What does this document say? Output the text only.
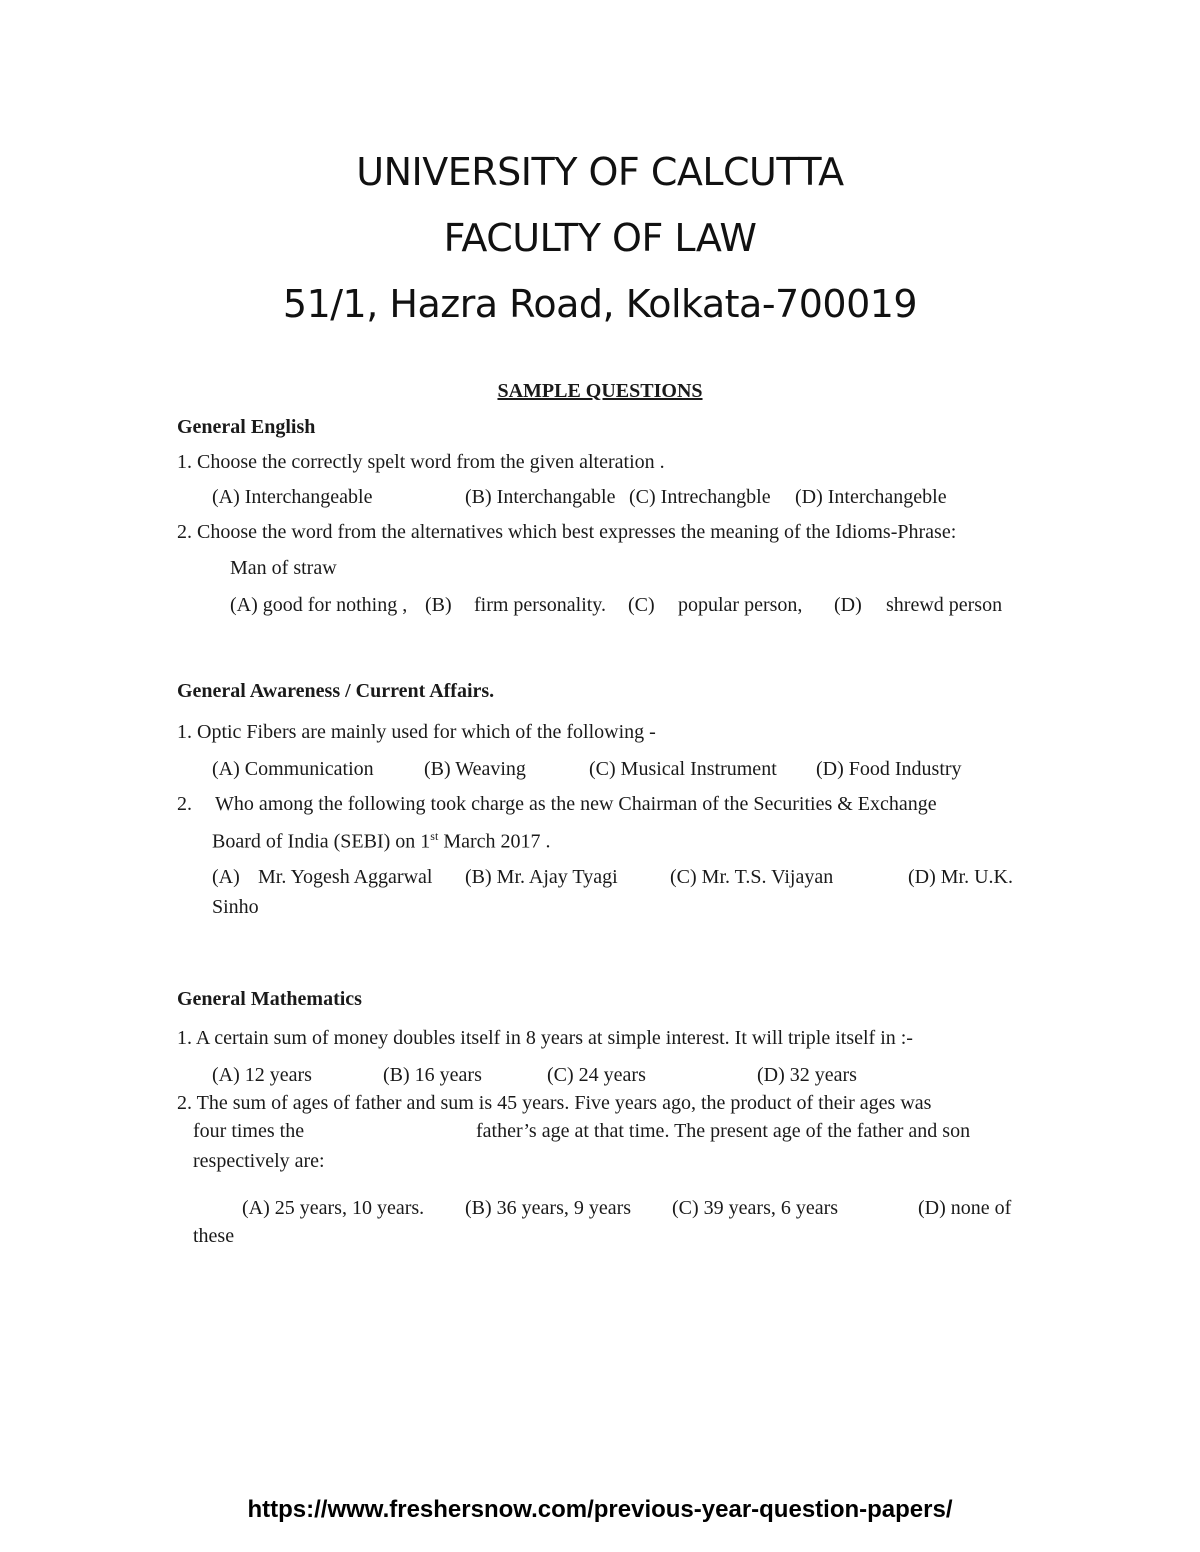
UNIVERSITY OF CALCUTTA
FACULTY OF LAW
51/1, Hazra Road, Kolkata-700019
SAMPLE QUESTIONS
General English
1. Choose the correctly spelt word from the given alteration .
(A) Interchangeable	(B) Interchangable (C) Intrechangble (D) Interchangeble
2. Choose the word from the alternatives which best expresses the meaning of the Idioms-Phrase:
Man of straw
(A) good for nothing , (B) firm personality. (C) popular person, (D) shrewd person
General Awareness / Current Affairs.
1. Optic Fibers are mainly used for which of the following -
(A) Communication	(B) Weaving	(C) Musical Instrument (D) Food Industry
2. Who among the following took charge as the new Chairman of the Securities & Exchange
Board of India (SEBI) on 1st March 2017 .
(A) Mr. Yogesh Aggarwal (B) Mr. Ajay Tyagi	(C) Mr. T.S. Vijayan	(D) Mr. U.K.
Sinho
General Mathematics
1. A certain sum of money doubles itself in 8 years at simple interest. It will triple itself in :-
(A) 12 years	(B) 16 years	(C) 24 years	(D) 32 years
2. The sum of ages of father and sum is 45 years. Five years ago, the product of their ages was
four times the	father’s age at that time. The present age of the father and son
respectively are:
(A) 25 years, 10 years. (B) 36 years, 9 years (C) 39 years, 6 years	(D) none of
these
https://www.freshersnow.com/previous-year-question-papers/
